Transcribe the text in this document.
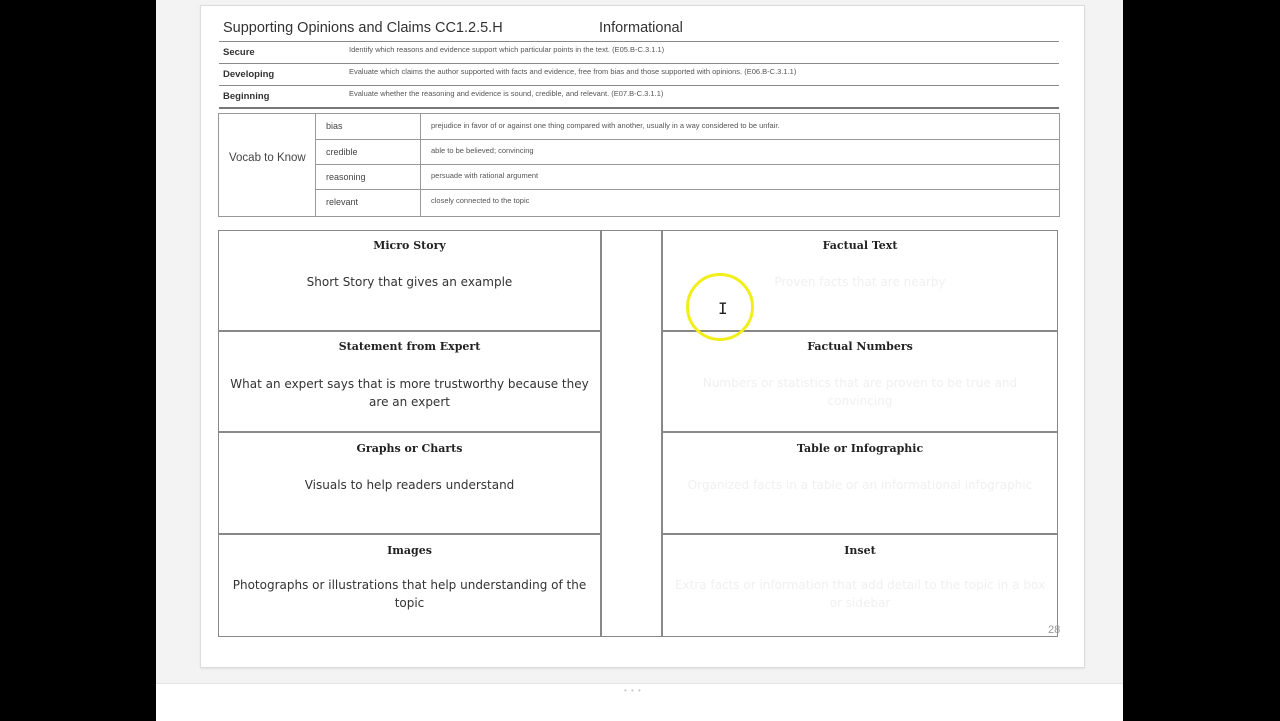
Supporting Opinions and Claims CC1.2.5.H	Informational
Secure	Identify which reasons and evidence support which particular points in the text. (E05.B-C.3.1.1)
Developing	Evaluate which claims the author supported with facts and evidence, free from bias and those supported with opinions. (E06.B-C.3.1.1)
Beginning	Evaluate whether the reasoning and evidence is sound, credible, and relevant. (E07.B-C.3.1.1)
Vocab to Know
bias	prejudice in favor of or against one thing compared with another, usually in a way considered to be unfair.
credible	able to be believed; convincing
reasoning	persuade with rational argument
relevant	closely connected to the topic
Micro Story
Short Story that gives an example
Statement from Expert
What an expert says that is more trustworthy because they are an expert
Graphs or Charts
Visuals to help readers understand
Images
Photographs or illustrations that help understanding of the topic
Factual Text
Proven facts that are nearby
Factual Numbers
Numbers or statistics that are proven to be true and convincing
Table or Infographic
Organized facts in a table or an informational infographic
Inset
Extra facts or information that add detail to the topic in a box or sidebar
28
• • •
I
